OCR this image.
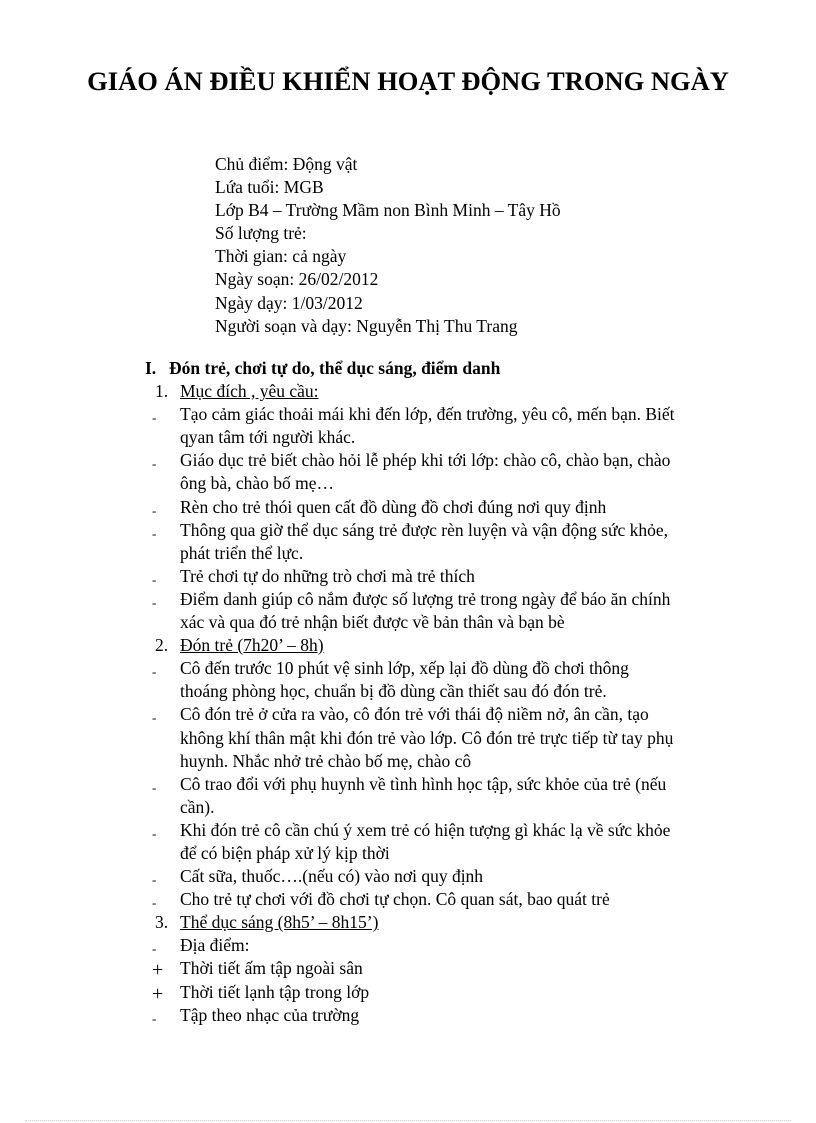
GIÁO ÁN ĐIỀU KHIỂN HOẠT ĐỘNG TRONG NGÀY
Chủ điểm: Động vật
Lứa tuổi: MGB
Lớp B4 – Trường Mầm non Bình Minh – Tây Hồ
Số lượng trẻ:
Thời gian: cả ngày
Ngày soạn: 26/02/2012
Ngày dạy: 1/03/2012
Người soạn và dạy: Nguyễn Thị Thu Trang
I. Đón trẻ, chơi tự do, thể dục sáng, điểm danh
1. Mục đích , yêu cầu:
-	Tạo cảm giác thoải mái khi đến lớp, đến trường, yêu cô, mến bạn. Biết qyan tâm tới người khác.
-	Giáo dục trẻ biết chào hỏi lễ phép khi tới lớp: chào cô, chào bạn, chào ông bà, chào bố mẹ…
-	Rèn cho trẻ thói quen cất đồ dùng đồ chơi đúng nơi quy định
-	Thông qua giờ thể dục sáng trẻ được rèn luyện và vận động sức khỏe, phát triển thể lực.
-	Trẻ chơi tự do những trò chơi mà trẻ thích
-	Điểm danh giúp cô nắm được số lượng trẻ trong ngày để báo ăn chính xác và qua đó trẻ nhận biết được về bản thân và bạn bè
2. Đón trẻ (7h20’ – 8h)
-	Cô đến trước 10 phút vệ sinh lớp, xếp lại đồ dùng đồ chơi thông thoáng phòng học, chuẩn bị đồ dùng cần thiết sau đó đón trẻ.
-	Cô đón trẻ ở cửa ra vào, cô đón trẻ với thái độ niềm nở, ân cần, tạo không khí thân mật khi đón trẻ vào lớp. Cô đón trẻ trực tiếp từ tay phụ huynh. Nhắc nhở trẻ chào bố mẹ, chào cô
-	Cô trao đổi với phụ huynh về tình hình học tập, sức khỏe của trẻ (nếu cần).
-	Khi đón trẻ cô cần chú ý xem trẻ có hiện tượng gì khác lạ về sức khỏe để có biện pháp xử lý kịp thời
-	Cất sữa, thuốc….(nếu có) vào nơi quy định
-	Cho trẻ tự chơi với đồ chơi tự chọn. Cô quan sát, bao quát trẻ
3. Thể dục sáng (8h5’ – 8h15’)
-	Địa điểm:
+ Thời tiết ấm tập ngoài sân
+ Thời tiết lạnh tập trong lớp
-	Tập theo nhạc của trường
